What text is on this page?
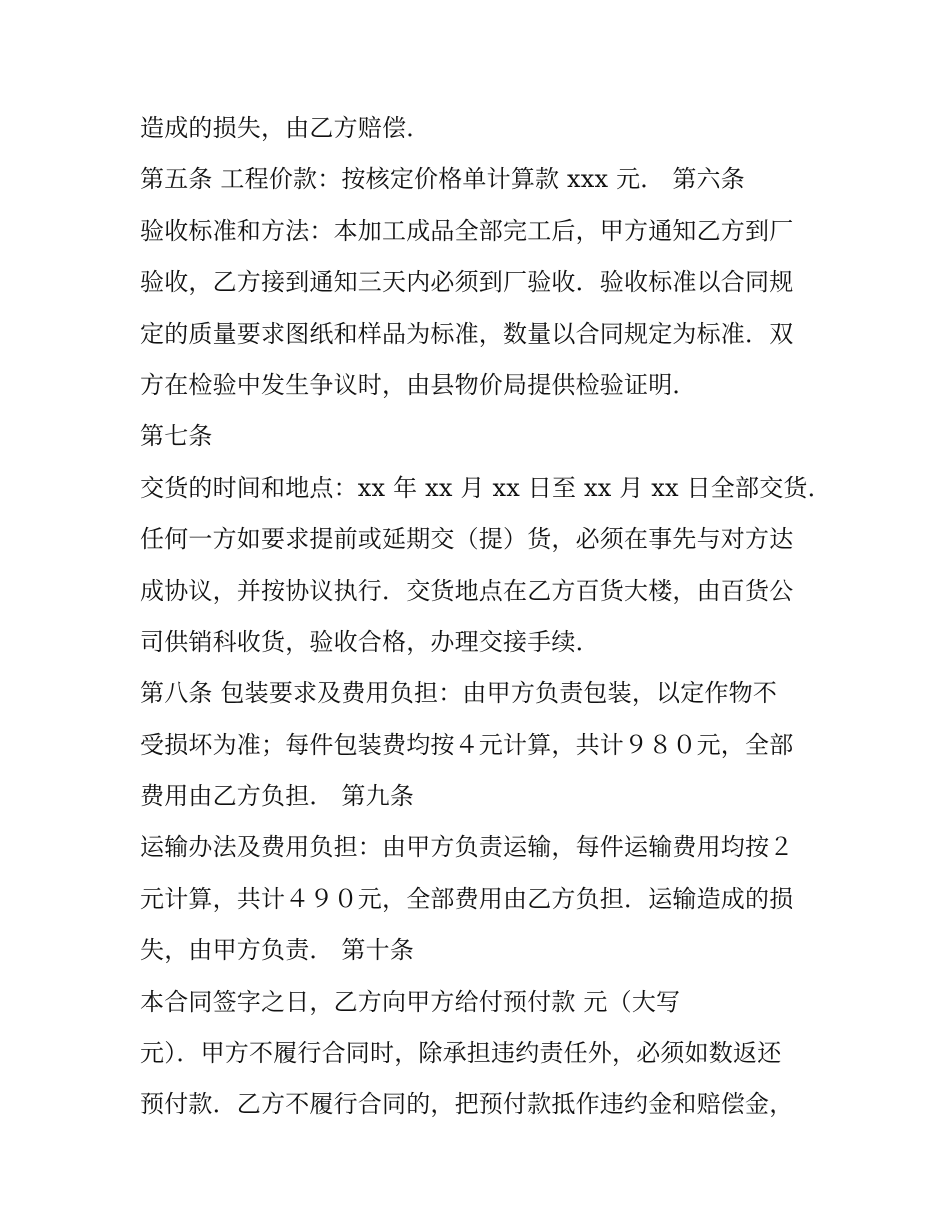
造成的损失，由乙方赔偿．
第五条 工程价款：按核定价格单计算款 xxx 元． 第六条
验收标准和方法：本加工成品全部完工后，甲方通知乙方到厂
验收，乙方接到通知三天内必须到厂验收．验收标准以合同规
定的质量要求图纸和样品为标准，数量以合同规定为标准．双
方在检验中发生争议时，由县物价局提供检验证明．
第七条
交货的时间和地点：xx 年 xx 月 xx 日至 xx 月 xx 日全部交货．
任何一方如要求提前或延期交（提）货，必须在事先与对方达
成协议，并按协议执行．交货地点在乙方百货大楼，由百货公
司供销科收货，验收合格，办理交接手续．
第八条 包装要求及费用负担：由甲方负责包装，以定作物不
受损坏为准；每件包装费均按４元计算，共计９８０元，全部
费用由乙方负担． 第九条
运输办法及费用负担：由甲方负责运输，每件运输费用均按２
元计算，共计４９０元，全部费用由乙方负担．运输造成的损
失，由甲方负责． 第十条
本合同签字之日，乙方向甲方给付预付款 元（大写
元）．甲方不履行合同时，除承担违约责任外，必须如数返还
预付款．乙方不履行合同的，把预付款抵作违约金和赔偿金，
